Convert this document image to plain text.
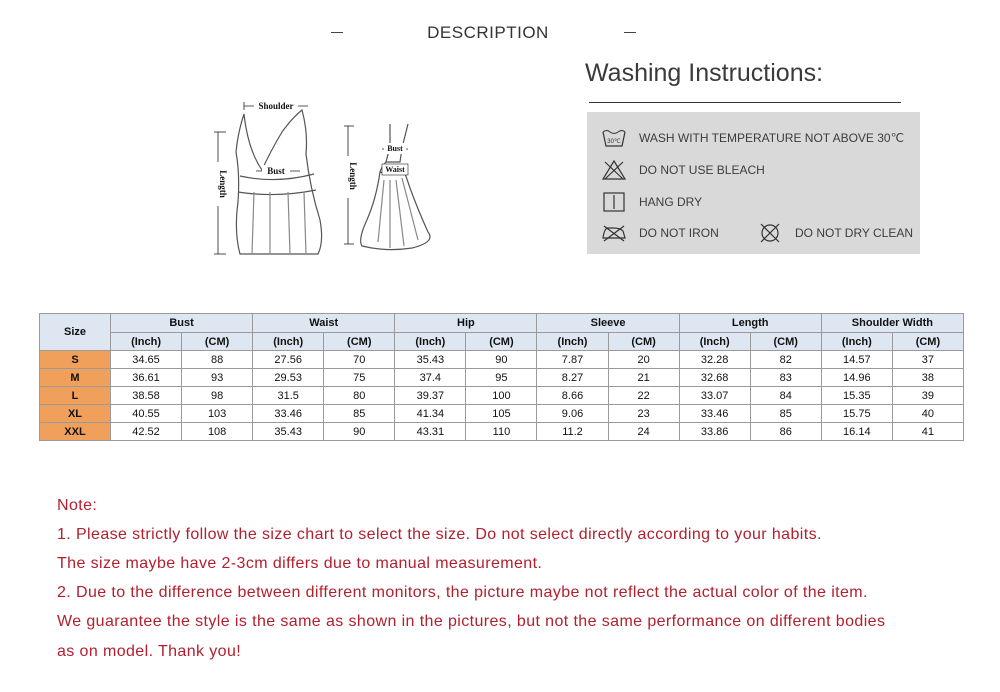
DESCRIPTION
Shoulder
Bust
Length
Bust
Waist
Length
Washing Instructions:
30℃ WASH WITH TEMPERATURE NOT ABOVE 30℃
DO NOT USE BLEACH
HANG DRY
DO NOT IRON	DO NOT DRY CLEAN
Size	Bust		Waist		Hip		Sleeve		Length		Shoulder Width	
	(Inch)	(CM)	(Inch)	(CM)	(Inch)	(CM)	(Inch)	(CM)	(Inch)	(CM)	(Inch)	(CM)
S	34.65	88	27.56	70	35.43	90	7.87	20	32.28	82	14.57	37
M	36.61	93	29.53	75	37.4	95	8.27	21	32.68	83	14.96	38
L	38.58	98	31.5	80	39.37	100	8.66	22	33.07	84	15.35	39
XL	40.55	103	33.46	85	41.34	105	9.06	23	33.46	85	15.75	40
XXL	42.52	108	35.43	90	43.31	110	11.2	24	33.86	86	16.14	41
Note:
1. Please strictly follow the size chart to select the size. Do not select directly according to your habits.
The size maybe have 2-3cm differs due to manual measurement.
2. Due to the difference between different monitors, the picture maybe not reflect the actual color of the item.
We guarantee the style is the same as shown in the pictures, but not the same performance on different bodies
as on model. Thank you!
